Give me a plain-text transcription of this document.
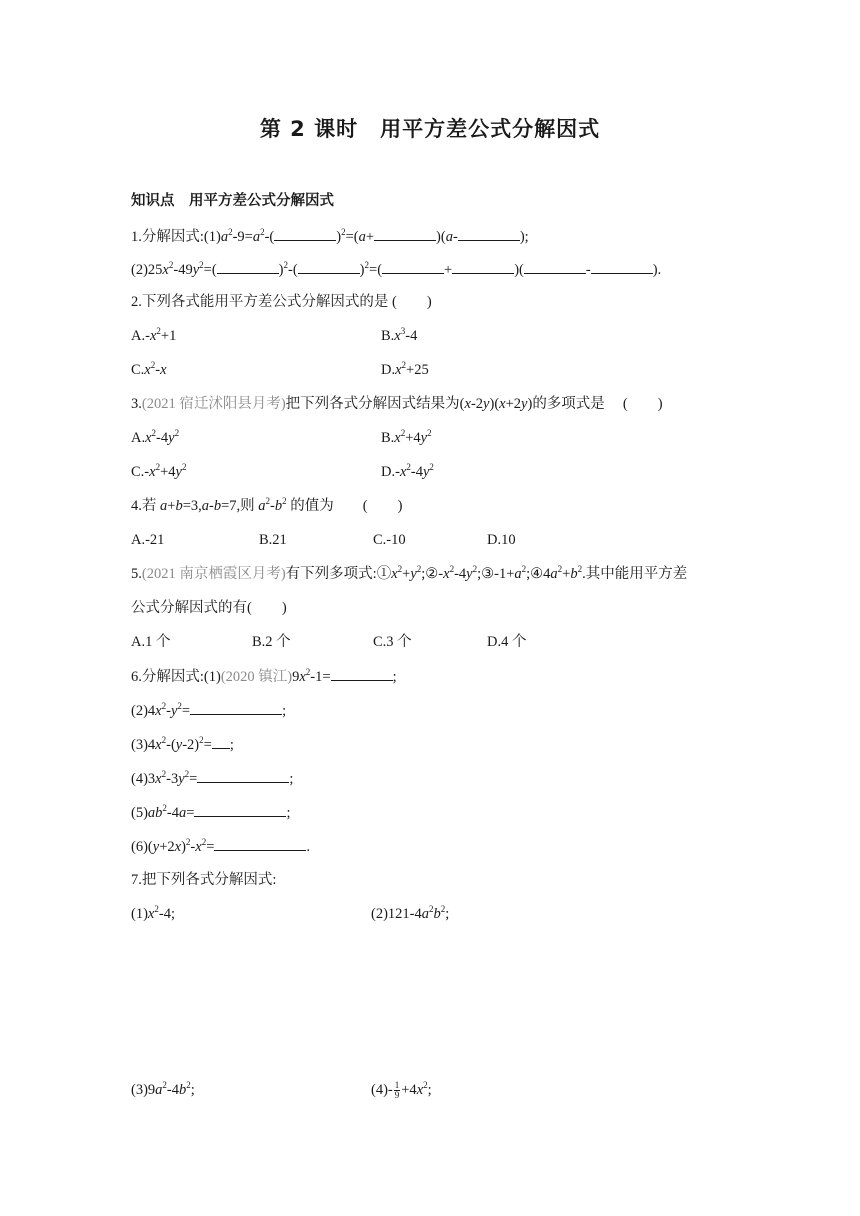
第 2 课时　用平方差公式分解因式
知识点　用平方差公式分解因式
1.分解因式$:(1)a^2-9=a^2-$(	)$^2$=(a+	)(a-	);
$(2)25x^2-49y^2=$(	)$^2$-(	)$^2$=(	+	)(	-	).
2.下列各式能用平方差公式分解因式的是 ( )
$A.-x^2+1$	$B.x^3-4$
$C.x^2-x$	$D.x^2+25$
3.(2021 宿迁沭阳县月考)把下列各式分解因式结果为(x-2y)(x+2y)的多项式是　 ( )
$A.x^2-4y^2$	$B.x^2+4y^2$
$C.-x^2+4y^2$	$D.-x^2-4y^2$
4.若 a+b=3,a-b=7,则 $a^2-b^2$ 的值为　　( )
A.-21	B.21	C.-10	D.10
5.(2021 南京栖霞区月考)有下列多项式$:①x^2+y^2;②-x^2-4y^2;③-1+a^2;④4a^2+b^2$.其中能用平方差
公式分解因式的有( )
A.1 个	B.2 个	C.3 个	D.4 个
6.分解因式:(1)(2020 镇江)$9x^2-1=$	;
$(2)4x^2-y^2=$	;
$(3)4x^2-(y-2)^2=$ ;
$(4)3x^2-3y^2=$	;
$(5)ab^2-4a=$	;
$(6)(y+2x)^2-x^2=$	.
7.把下列各式分解因式:
$(1)x^2-4$;	$(2)121-4a^2b^2$;
$(3)9a^2-4b^2$;	$(4)- \frac{1}{9} +4x^2$;
